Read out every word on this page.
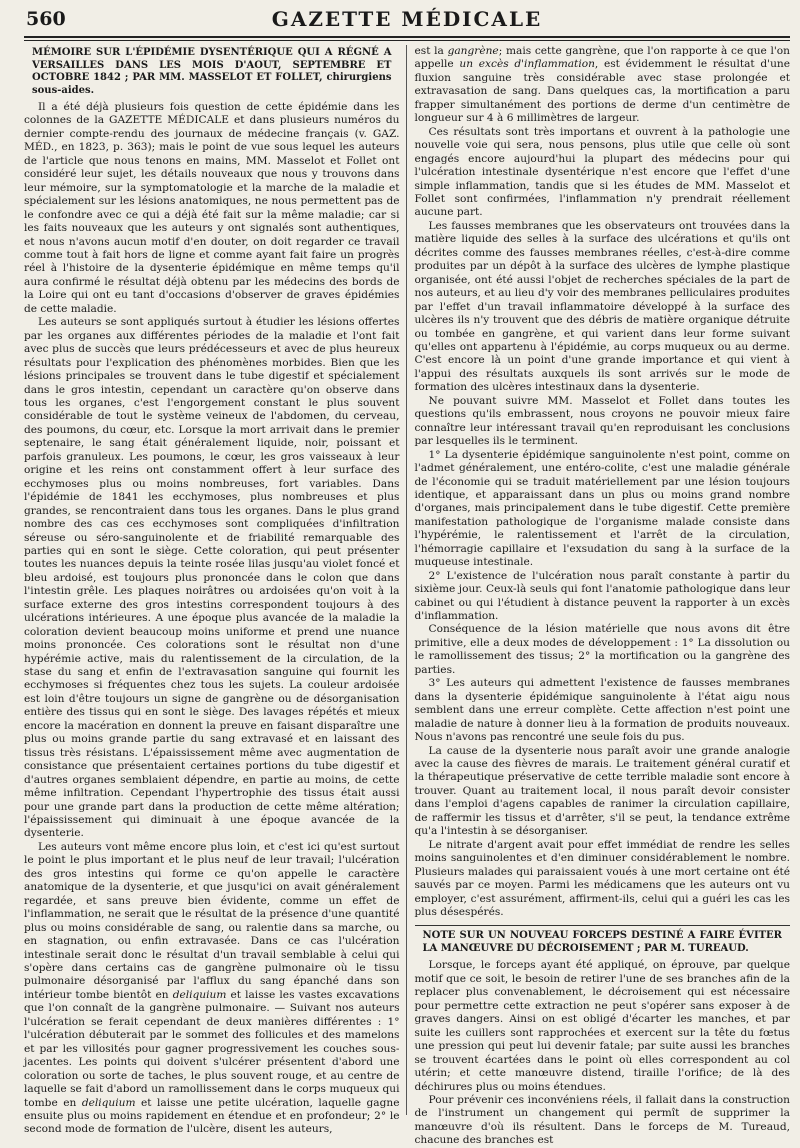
560	GAZETTE MÉDICALE
MÉMOIRE SUR L'ÉPIDÉMIE DYSENTÉRIQUE QUI A RÉGNÉ A VERSAILLES DANS LES MOIS D'AOUT, SEPTEMBRE ET OCTOBRE 1842 ; PAR MM. MASSELOT ET FOLLET, chirurgiens sous-aides.

Il a été déjà plusieurs fois question de cette épidémie dans les colonnes de la GAZETTE MÉDICALE et dans plusieurs numéros du dernier compte-rendu des journaux de médecine français (v. GAZ. MÉD., en 1823, p. 363); mais le point de vue sous lequel les auteurs de l'article que nous tenons en mains, MM. Masselot et Follet ont considéré leur sujet, les détails nouveaux que nous y trouvons dans leur mémoire, sur la symptomatologie et la marche de la maladie et spécialement sur les lésions anatomiques, ne nous permettent pas de le confondre avec ce qui a déjà été fait sur la même maladie; car si les faits nouveaux que les auteurs y ont signalés sont authentiques, et nous n'avons aucun motif d'en douter, on doit regarder ce travail comme tout à fait hors de ligne et comme ayant fait faire un progrès réel à l'histoire de la dysenterie épidémique en même temps qu'il aura confirmé le résultat déjà obtenu par les médecins des bords de la Loire qui ont eu tant d'occasions d'observer de graves épidémies de cette maladie.

Les auteurs se sont appliqués surtout à étudier les lésions offertes par les organes aux différentes périodes de la maladie et l'ont fait avec plus de succès que leurs prédécesseurs et avec de plus heureux résultats pour l'explication des phénomènes morbides. Bien que les lésions principales se trouvent dans le tube digestif et spécialement dans le gros intestin, cependant un caractère qu'on observe dans tous les organes, c'est l'engorgement constant le plus souvent considérable de tout le système veineux de l'abdomen, du cerveau, des poumons, du cœur, etc. Lorsque la mort arrivait dans le premier septenaire, le sang était généralement liquide, noir, poissant et parfois granuleux. Les poumons, le cœur, les gros vaisseaux à leur origine et les reins ont constamment offert à leur surface des ecchymoses plus ou moins nombreuses, fort variables. Dans l'épidémie de 1841 les ecchymoses, plus nombreuses et plus grandes, se rencontraient dans tous les organes. Dans le plus grand nombre des cas ces ecchymoses sont compliquées d'infiltration séreuse ou séro-sanguinolente et de friabilité remarquable des parties qui en sont le siège. Cette coloration, qui peut présenter toutes les nuances depuis la teinte rosée lilas jusqu'au violet foncé et bleu ardoisé, est toujours plus prononcée dans le colon que dans l'intestin grêle. Les plaques noirâtres ou ardoisées qu'on voit à la surface externe des gros intestins correspondent toujours à des ulcérations intérieures. A une époque plus avancée de la maladie la coloration devient beaucoup moins uniforme et prend une nuance moins prononcée. Ces colorations sont le résultat non d'une hypérémie active, mais du ralentissement de la circulation, de la stase du sang et enfin de l'extravasation sanguine qui fournit les ecchymoses si fréquentes chez tous les sujets. La couleur ardoisée est loin d'être toujours un signe de gangrène ou de désorganisation entière des tissus qui en sont le siège. Des lavages répétés et mieux encore la macération en donnent la preuve en faisant disparaître une plus ou moins grande partie du sang extravasé et en laissant des tissus très résistans. L'épaississement même avec augmentation de consistance que présentaient certaines portions du tube digestif et d'autres organes semblaient dépendre, en partie au moins, de cette même infiltration. Cependant l'hypertrophie des tissus était aussi pour une grande part dans la production de cette même altération; l'épaississement qui diminuait à une époque avancée de la dysenterie.

Les auteurs vont même encore plus loin, et c'est ici qu'est surtout le point le plus important et le plus neuf de leur travail; l'ulcération des gros intestins qui forme ce qu'on appelle le caractère anatomique de la dysenterie, et que jusqu'ici on avait généralement regardée, et sans preuve bien évidente, comme un effet de l'inflammation, ne serait que le résultat de la présence d'une quantité plus ou moins considérable de sang, ou ralentie dans sa marche, ou en stagnation, ou enfin extravasée. Dans ce cas l'ulcération intestinale serait donc le résultat d'un travail semblable à celui qui s'opère dans certains cas de gangrène pulmonaire où le tissu pulmonaire désorganisé par l'afflux du sang épanché dans son intérieur tombe bientôt en deliquium et laisse les vastes excavations que l'on connaît de la gangrène pulmonaire. — Suivant nos auteurs l'ulcération se ferait cependant de deux manières différentes : 1° l'ulcération débuterait par le sommet des follicules et des mamelons et par les villosités pour gagner progressivement les couches sous-jacentes. Les points qui doivent s'ulcérer présentent d'abord une coloration ou sorte de taches, le plus souvent rouge, et au centre de laquelle se fait d'abord un ramollissement dans le corps muqueux qui tombe en deliquium et laisse une petite ulcération, laquelle gagne ensuite plus ou moins rapidement en étendue et en profondeur; 2° le second mode de formation de l'ulcère, disent les auteurs,

est la gangrène; mais cette gangrène, que l'on rapporte à ce que l'on appelle un excès d'inflammation, est évidemment le résultat d'une fluxion sanguine très considérable avec stase prolongée et extravasation de sang. Dans quelques cas, la mortification a paru frapper simultanément des portions de derme d'un centimètre de longueur sur 4 à 6 millimètres de largeur.

Ces résultats sont très importans et ouvrent à la pathologie une nouvelle voie qui sera, nous pensons, plus utile que celle où sont engagés encore aujourd'hui la plupart des médecins pour qui l'ulcération intestinale dysentérique n'est encore que l'effet d'une simple inflammation, tandis que si les études de MM. Masselot et Follet sont confirmées, l'inflammation n'y prendrait réellement aucune part.

Les fausses membranes que les observateurs ont trouvées dans la matière liquide des selles à la surface des ulcérations et qu'ils ont décrites comme des fausses membranes réelles, c'est-à-dire comme produites par un dépôt à la surface des ulcères de lymphe plastique organisée, ont été aussi l'objet de recherches spéciales de la part de nos auteurs, et au lieu d'y voir des membranes pelliculaires produites par l'effet d'un travail inflammatoire développé à la surface des ulcères ils n'y trouvent que des débris de matière organique détruite ou tombée en gangrène, et qui varient dans leur forme suivant qu'elles ont appartenu à l'épidémie, au corps muqueux ou au derme. C'est encore là un point d'une grande importance et qui vient à l'appui des résultats auxquels ils sont arrivés sur le mode de formation des ulcères intestinaux dans la dysenterie.

Ne pouvant suivre MM. Masselot et Follet dans toutes les questions qu'ils embrassent, nous croyons ne pouvoir mieux faire connaître leur intéressant travail qu'en reproduisant les conclusions par lesquelles ils le terminent.

1° La dysenterie épidémique sanguinolente n'est point, comme on l'admet généralement, une entéro-colite, c'est une maladie générale de l'économie qui se traduit matériellement par une lésion toujours identique, et apparaissant dans un plus ou moins grand nombre d'organes, mais principalement dans le tube digestif. Cette première manifestation pathologique de l'organisme malade consiste dans l'hypérémie, le ralentissement et l'arrêt de la circulation, l'hémorragie capillaire et l'exsudation du sang à la surface de la muqueuse intestinale.

2° L'existence de l'ulcération nous paraît constante à partir du sixième jour. Ceux-là seuls qui font l'anatomie pathologique dans leur cabinet ou qui l'étudient à distance peuvent la rapporter à un excès d'inflammation.

Conséquence de la lésion matérielle que nous avons dit être primitive, elle a deux modes de développement : 1° La dissolution ou le ramollissement des tissus; 2° la mortification ou la gangrène des parties.

3° Les auteurs qui admettent l'existence de fausses membranes dans la dysenterie épidémique sanguinolente à l'état aigu nous semblent dans une erreur complète. Cette affection n'est point une maladie de nature à donner lieu à la formation de produits nouveaux. Nous n'avons pas rencontré une seule fois du pus.

La cause de la dysenterie nous paraît avoir une grande analogie avec la cause des fièvres de marais. Le traitement général curatif et la thérapeutique préservative de cette terrible maladie sont encore à trouver. Quant au traitement local, il nous paraît devoir consister dans l'emploi d'agens capables de ranimer la circulation capillaire, de raffermir les tissus et d'arrêter, s'il se peut, la tendance extrême qu'a l'intestin à se désorganiser.

Le nitrate d'argent avait pour effet immédiat de rendre les selles moins sanguinolentes et d'en diminuer considérablement le nombre. Plusieurs malades qui paraissaient voués à une mort certaine ont été sauvés par ce moyen. Parmi les médicamens que les auteurs ont vu employer, c'est assurément, affirment-ils, celui qui a guéri les cas les plus désespérés.

NOTE SUR UN NOUVEAU FORCEPS DESTINÉ A FAIRE ÉVITER LA MANŒUVRE DU DÉCROISEMENT ; PAR M. TUREAUD.

Lorsque, le forceps ayant été appliqué, on éprouve, par quelque motif que ce soit, le besoin de retirer l'une de ses branches afin de la replacer plus convenablement, le décroisement qui est nécessaire pour permettre cette extraction ne peut s'opérer sans exposer à de graves dangers. Ainsi on est obligé d'écarter les manches, et par suite les cuillers sont rapprochées et exercent sur la tête du fœtus une pression qui peut lui devenir fatale; par suite aussi les branches se trouvent écartées dans le point où elles correspondent au col utérin; et cette manœuvre distend, tiraille l'orifice; de là des déchirures plus ou moins étendues.

Pour prévenir ces inconvéniens réels, il fallait dans la construction de l'instrument un changement qui permît de supprimer la manœuvre d'où ils résultent. Dans le forceps de M. Tureaud, chacune des branches est
